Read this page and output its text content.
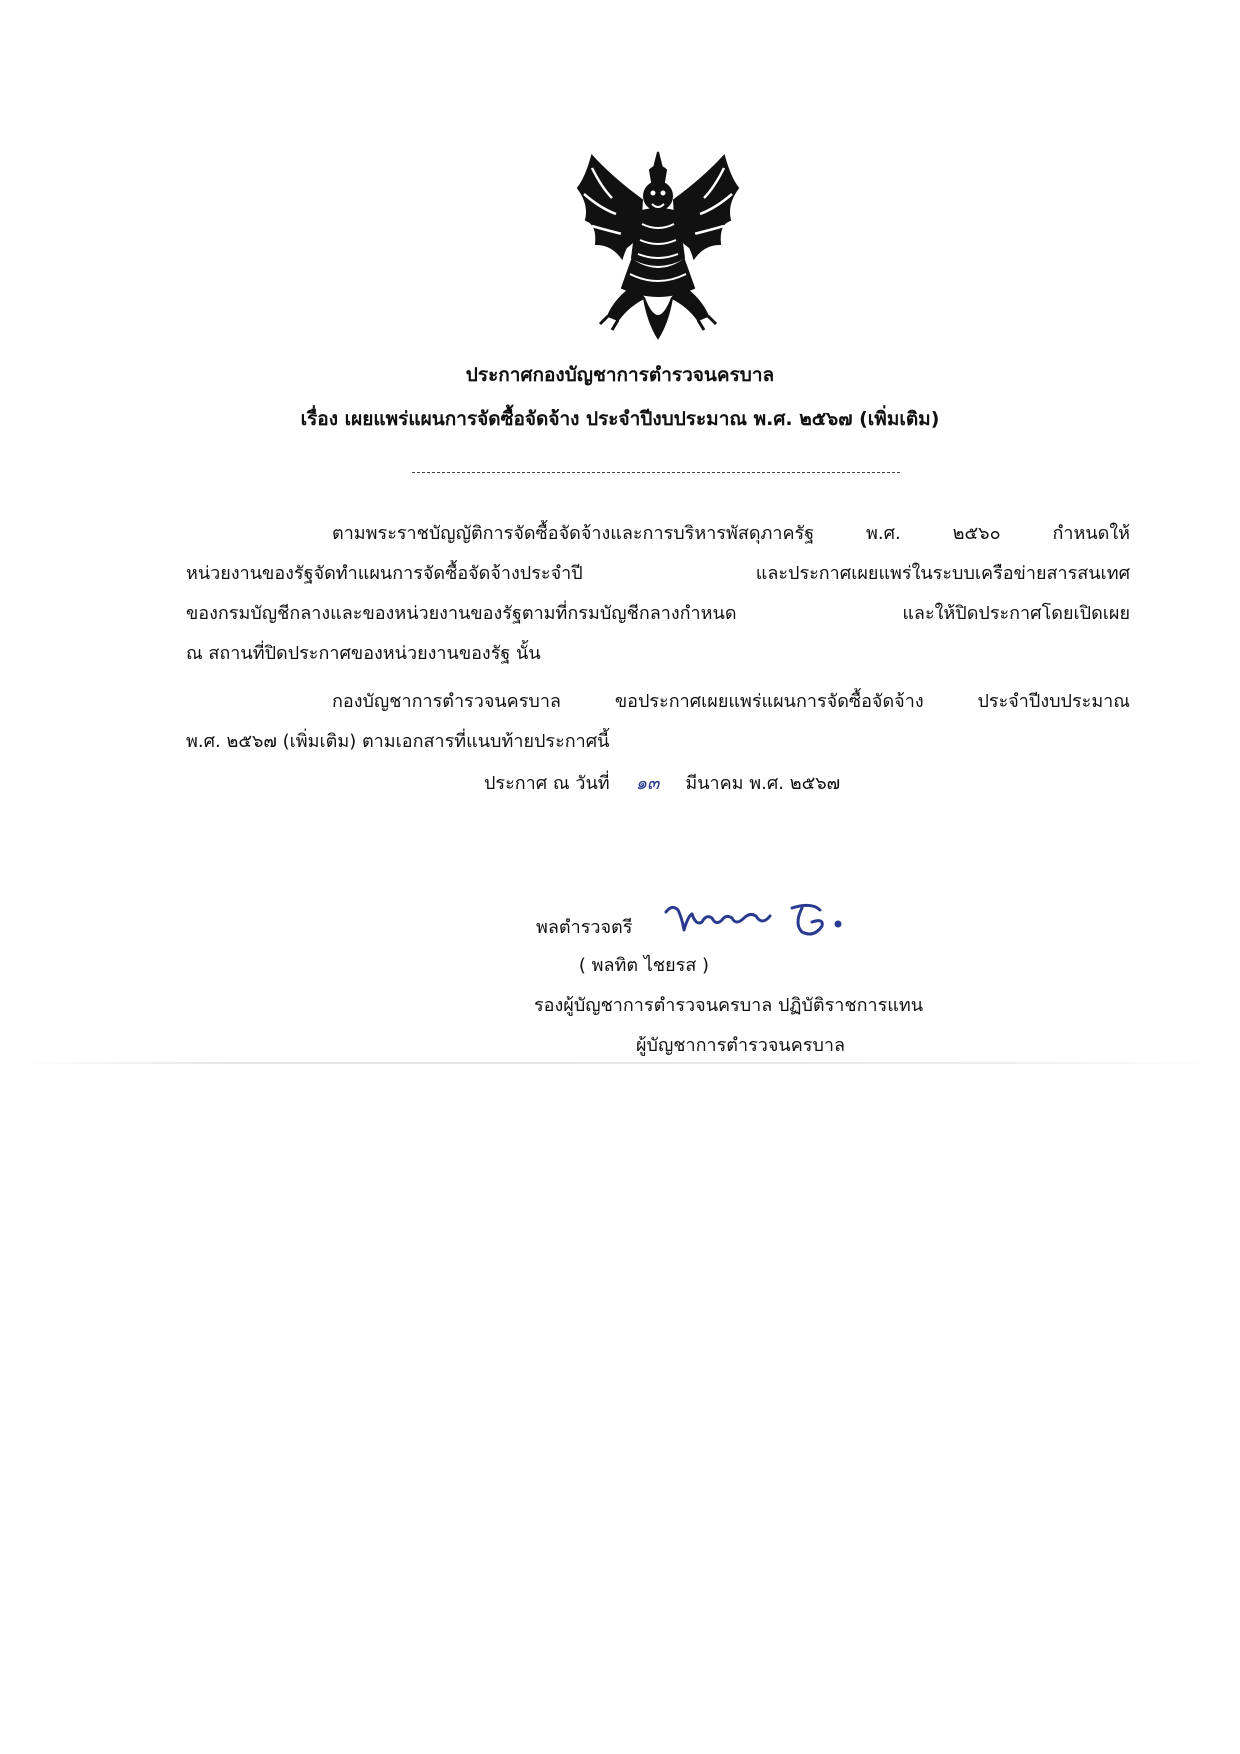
ประกาศกองบัญชาการตำรวจนครบาล
เรื่อง เผยแพร่แผนการจัดซื้อจัดจ้าง ประจำปีงบประมาณ พ.ศ. ๒๕๖๗ (เพิ่มเติม)
ตามพระราชบัญญัติการจัดซื้อจัดจ้างและการบริหารพัสดุภาครัฐ พ.ศ. ๒๕๖๐ กำหนดให้
หน่วยงานของรัฐจัดทำแผนการจัดซื้อจัดจ้างประจำปี และประกาศเผยแพร่ในระบบเครือข่ายสารสนเทศ
ของกรมบัญชีกลางและของหน่วยงานของรัฐตามที่กรมบัญชีกลางกำหนด และให้ปิดประกาศโดยเปิดเผย
ณ สถานที่ปิดประกาศของหน่วยงานของรัฐ นั้น
กองบัญชาการตำรวจนครบาล ขอประกาศเผยแพร่แผนการจัดซื้อจัดจ้าง ประจำปีงบประมาณ
พ.ศ. ๒๕๖๗ (เพิ่มเติม) ตามเอกสารที่แนบท้ายประกาศนี้
ประกาศ ณ วันที่ ๑๓ มีนาคม พ.ศ. ๒๕๖๗
พลตำรวจตรี
( พลทิต ไชยรส )
รองผู้บัญชาการตำรวจนครบาล ปฏิบัติราชการแทน
ผู้บัญชาการตำรวจนครบาล
